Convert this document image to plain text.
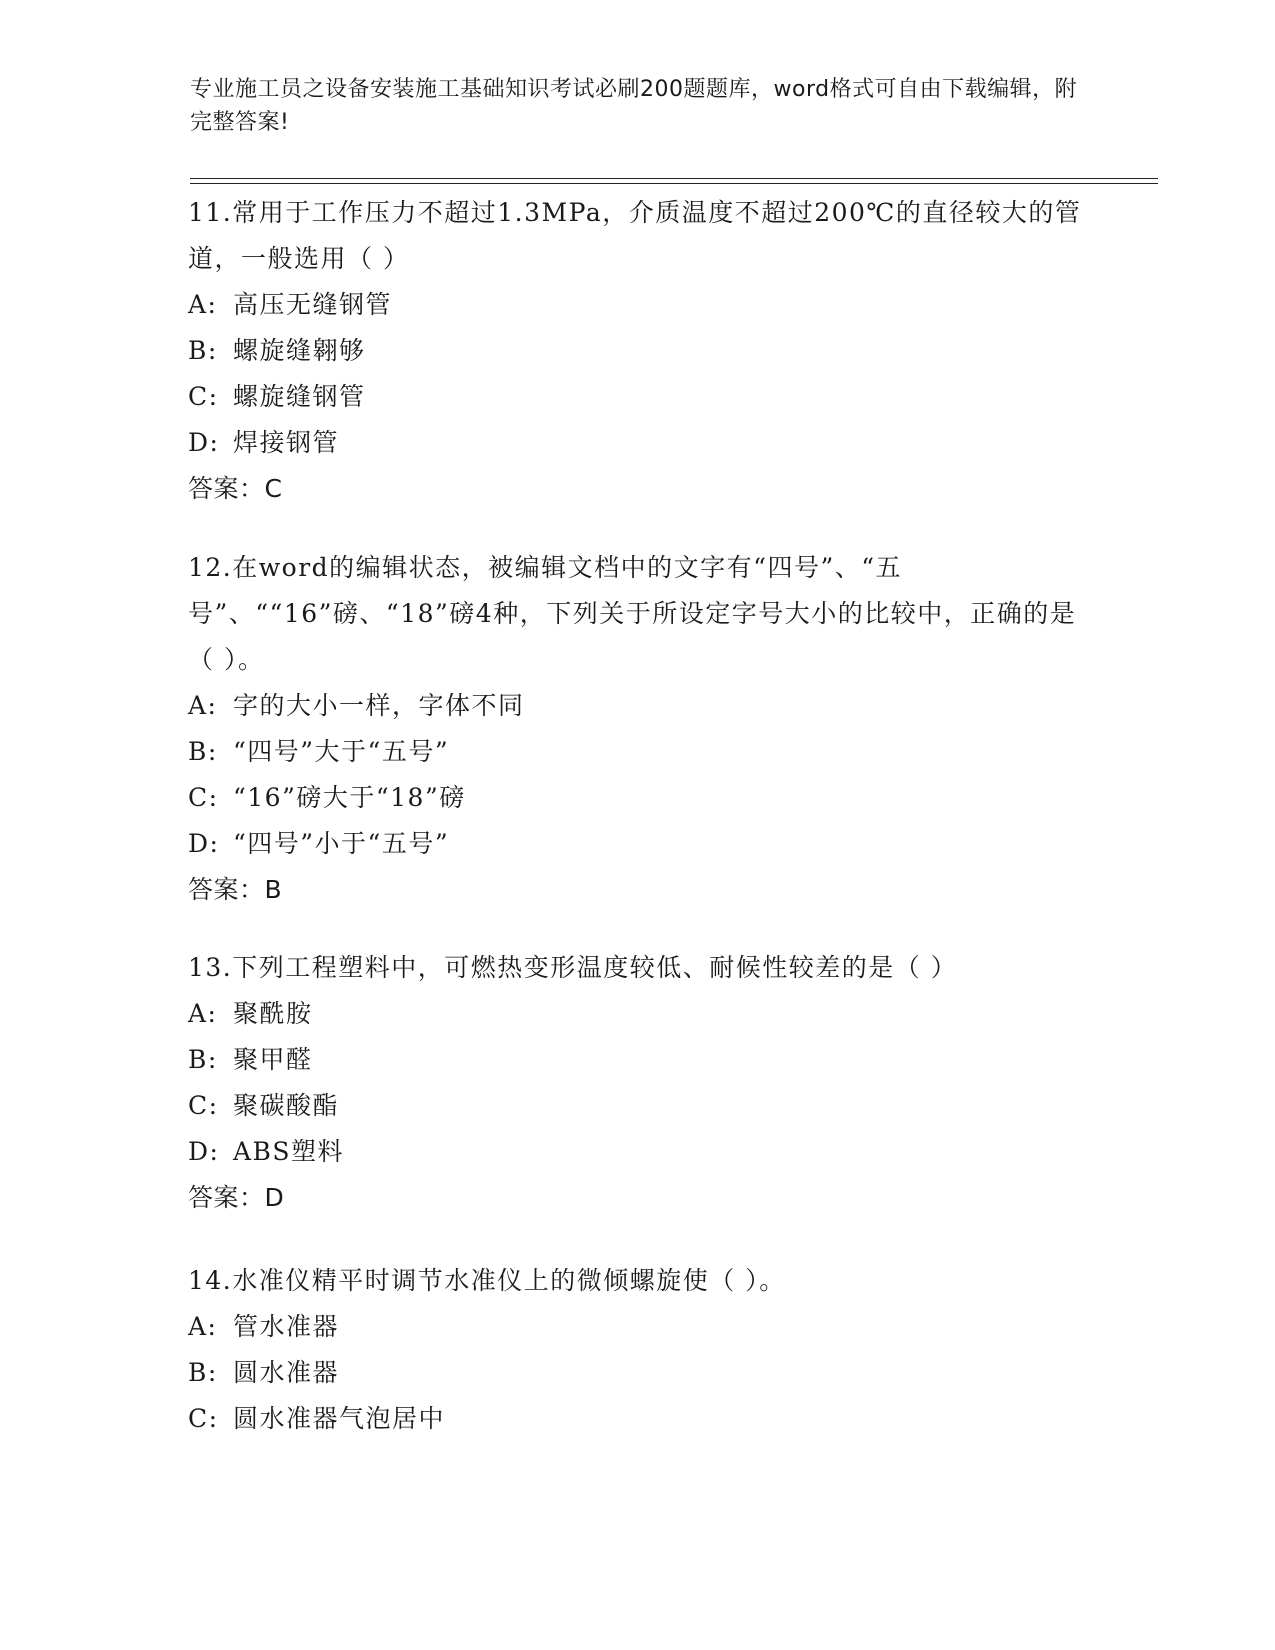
专业施工员之设备安装施工基础知识考试必刷200题题库，word格式可自由下载编辑，附完整答案!
11.常用于工作压力不超过1.3MPa，介质温度不超过200℃的直径较大的管道，一般选用（ ）
A: 高压无缝钢管
B: 螺旋缝翱够
C: 螺旋缝钢管
D: 焊接钢管
答案：C
12.在word的编辑状态，被编辑文档中的文字有“四号”、“五号”、““16”磅、“18”磅4种，下列关于所设定字号大小的比较中，正确的是（ ）。
A: 字的大小一样，字体不同
B: “四号”大于“五号”
C: “16”磅大于“18”磅
D: “四号”小于“五号”
答案：B
13.下列工程塑料中，可燃热变形温度较低、耐候性较差的是（ ）
A: 聚酰胺
B: 聚甲醛
C: 聚碳酸酯
D: ABS塑料
答案：D
14.水准仪精平时调节水准仪上的微倾螺旋使（ ）。
A: 管水准器
B: 圆水准器
C: 圆水准器气泡居中
